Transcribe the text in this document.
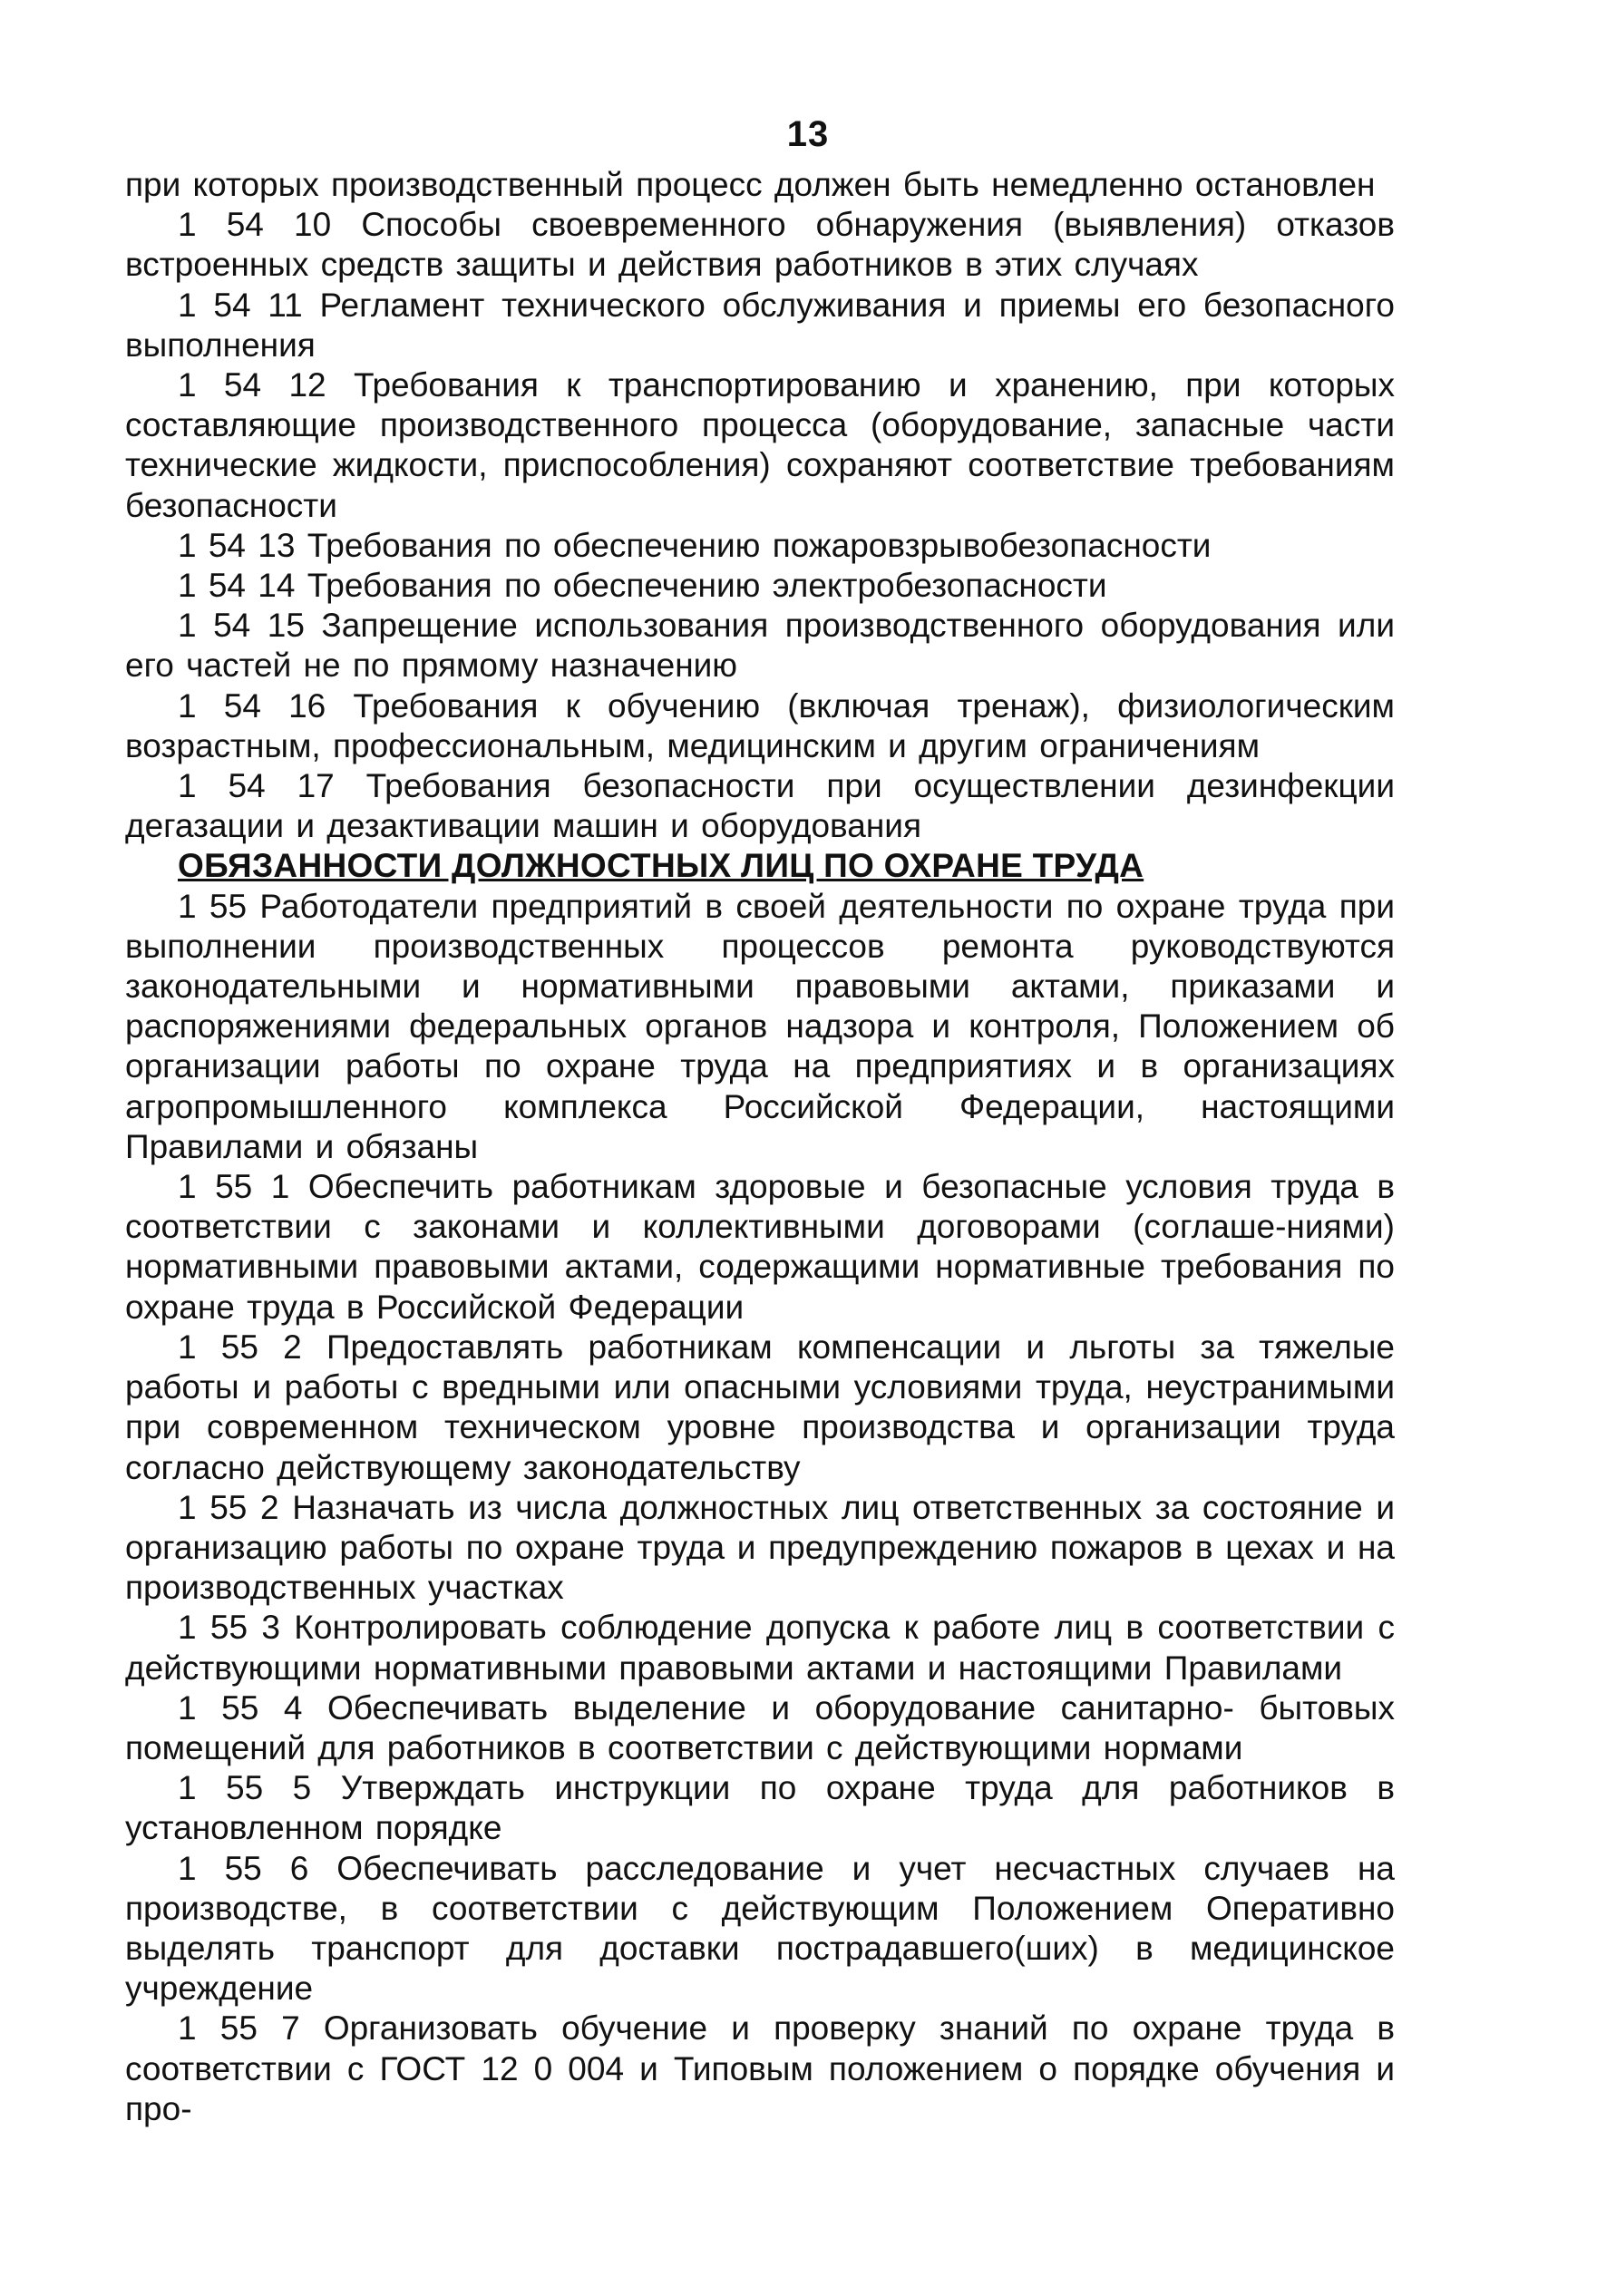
13

при которых производственный процесс должен быть немедленно остановлен

1 54 10 Способы своевременного обнаружения (выявления) отказов встроенных средств защиты и действия работников в этих случаях

1 54 11 Регламент технического обслуживания и приемы его безопасного выполнения

1 54 12 Требования к транспортированию и хранению, при которых составляющие производственного процесса (оборудование, запасные части технические жидкости, приспособления) сохраняют соответствие требованиям безопасности

1 54 13 Требования по обеспечению пожаровзрывобезопасности

1 54 14 Требования по обеспечению электробезопасности

1 54 15 Запрещение использования производственного оборудования или его частей не по прямому назначению

1 54 16 Требования к обучению (включая тренаж), физиологическим возрастным, профессиональным, медицинским и другим ограничениям

1 54 17 Требования безопасности при осуществлении дезинфекции дегазации и дезактивации машин и оборудования

ОБЯЗАННОСТИ ДОЛЖНОСТНЫХ ЛИЦ ПО ОХРАНЕ ТРУДА

1 55 Работодатели предприятий в своей деятельности по охране труда при выполнении производственных процессов ремонта руководствуются законодательными и нормативными правовыми актами, приказами и распоряжениями федеральных органов надзора и контроля, Положением об организации работы по охране труда на предприятиях и в организациях агропромышленного комплекса Российской Федерации, настоящими Правилами и обязаны

1 55 1 Обеспечить работникам здоровые и безопасные условия труда в соответствии с законами и коллективными договорами (соглаше-ниями) нормативными правовыми актами, содержащими нормативные требования по охране труда в Российской Федерации

1 55 2 Предоставлять работникам компенсации и льготы за тяжелые работы и работы с вредными или опасными условиями труда, неустранимыми при современном техническом уровне производства и организации труда согласно действующему законодательству

1 55 2 Назначать из числа должностных лиц ответственных за состояние и организацию работы по охране труда и предупреждению пожаров в цехах и на производственных участках

1 55 3 Контролировать соблюдение допуска к работе лиц в соответствии с действующими нормативными правовыми актами и настоящими Правилами

1 55 4 Обеспечивать выделение и оборудование санитарно- бытовых помещений для работников в соответствии с действующими нормами

1 55 5 Утверждать инструкции по охране труда для работников в установленном порядке

1 55 6 Обеспечивать расследование и учет несчастных случаев на производстве, в соответствии с действующим Положением Оперативно выделять транспорт для доставки пострадавшего(ших) в медицинское учреждение

1 55 7 Организовать обучение и проверку знаний по охране труда в соответствии с ГОСТ 12 0 004 и Типовым положением о порядке обучения и про-
